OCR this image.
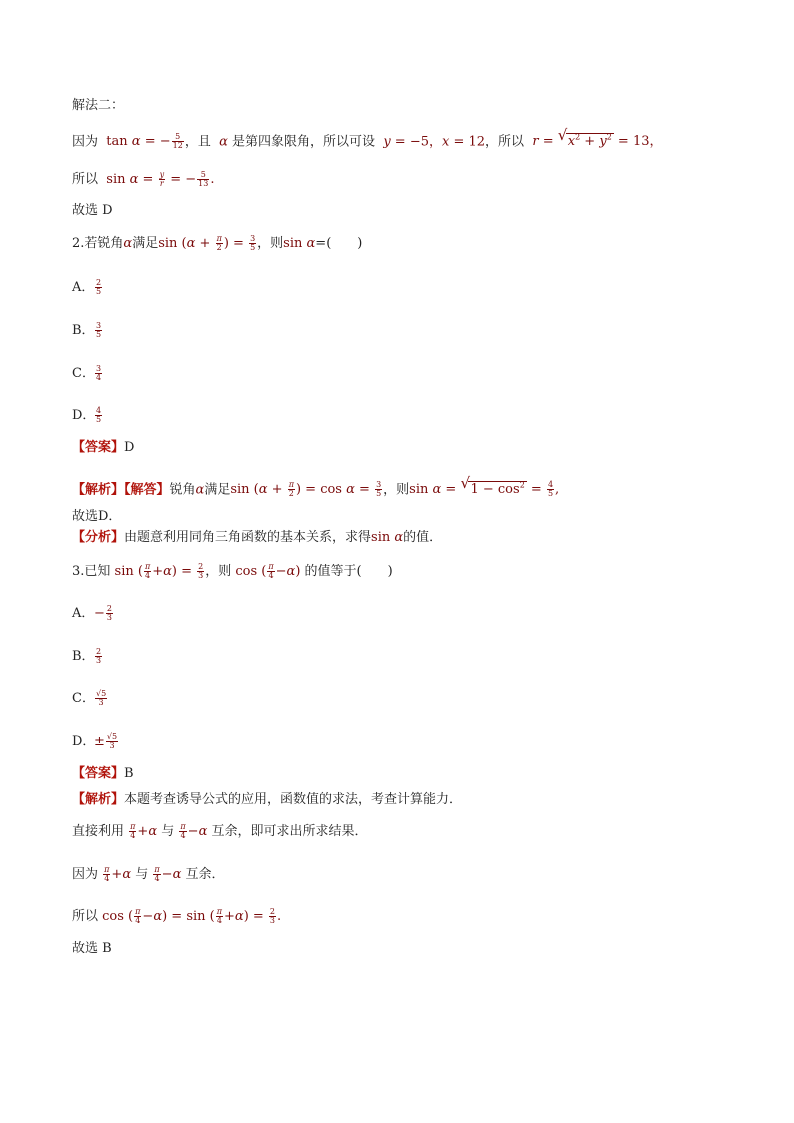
解法二：
因为  tan α = − $\frac{5}{12}$ ，且  α 是第四象限角，所以可设 y = −5，x = 12，所以 r = √ $x^2 + y^2 = 13$，
所以  $\sin \alpha = \frac{y}{r}$ = − $\frac{5}{13}$ .
故选 D
2.若锐角α满足$\sin (\alpha + \frac{\pi}{2}$ ) = $\frac{3}{5}$ ，则sin α=(　　)
A． $\frac{2}{5}$
B． $\frac{3}{5}$
C． $\frac{3}{4}$
D． $\frac{4}{5}$
【答案】D
【解析】【解答】锐角α满足$\sin (\alpha + \frac{\pi}{2}$ ) = $\cos \alpha = \frac{3}{5}$ ，则sin α = √ $1 - \cos^2 = \frac{4}{5}$ ,
故选D．
【分析】由题意利用同角三角函数的基本关系，求得sin α的值．
3.已知 sin ( $\frac{\pi}{4} +\alpha) = \frac{2}{3}$ ，则 cos ( $\frac{\pi}{4} -\alpha$) 的值等于(　　)
A．− $\frac{2}{3}$
B． $\frac{2}{3}$
C． $\frac{√5}{3}$
D．± $\frac{√5}{3}$
【答案】B
【解析】本题考查诱导公式的应用，函数值的求法，考查计算能力．
直接利用 $\frac{\pi}{4} +\alpha$ 与 $\frac{\pi}{4} -\alpha$ 互余，即可求出所求结果．
因为 $\frac{\pi}{4} +\alpha$ 与 $\frac{\pi}{4} -\alpha$ 互余．
所以 cos ( $\frac{\pi}{4} -\alpha) = \sin$ ( $\frac{\pi}{4} +\alpha) = \frac{2}{3}$ .
故选 B
